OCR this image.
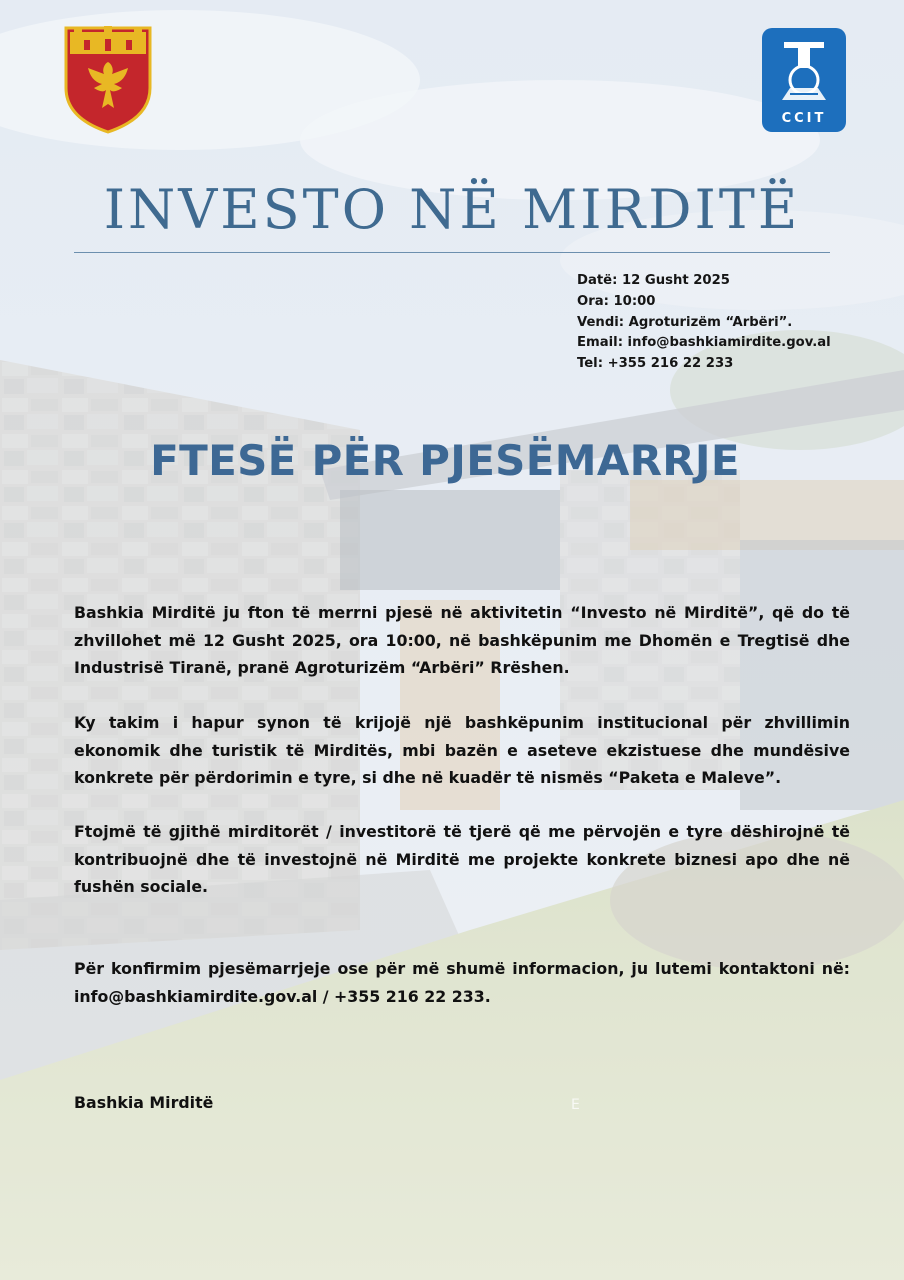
CCIT
INVESTO NË MIRDITË
Datë: 12 Gusht 2025
Ora: 10:00
Vendi: Agroturizëm “Arbëri”.
Email: info@bashkiamirdite.gov.al
Tel: +355 216 22 233
FTESË PËR PJESËMARRJE

Bashkia Mirditë ju fton të merrni pjesë në aktivitetin “Investo në Mirditë”, që do të zhvillohet më 12 Gusht 2025, ora 10:00, në bashkëpunim me Dhomën e Tregtisë dhe Industrisë Tiranë, pranë Agroturizëm “Arbëri” Rrëshen.

Ky takim i hapur synon të krijojë një bashkëpunim institucional për zhvillimin ekonomik dhe turistik të Mirditës, mbi bazën e aseteve ekzistuese dhe mundësive konkrete për përdorimin e tyre, si dhe në kuadër të nismës “Paketa e Maleve”.

Ftojmë të gjithë mirditorët / investitorë të tjerë që me përvojën e tyre dëshirojnë të kontribuojnë dhe të investojnë në Mirditë me projekte konkrete biznesi apo dhe në fushën sociale.

Për konfirmim pjesëmarrjeje ose për më shumë informacion, ju lutemi kontaktoni në: info@bashkiamirdite.gov.al / +355 216 22 233.

Bashkia Mirditë	E
